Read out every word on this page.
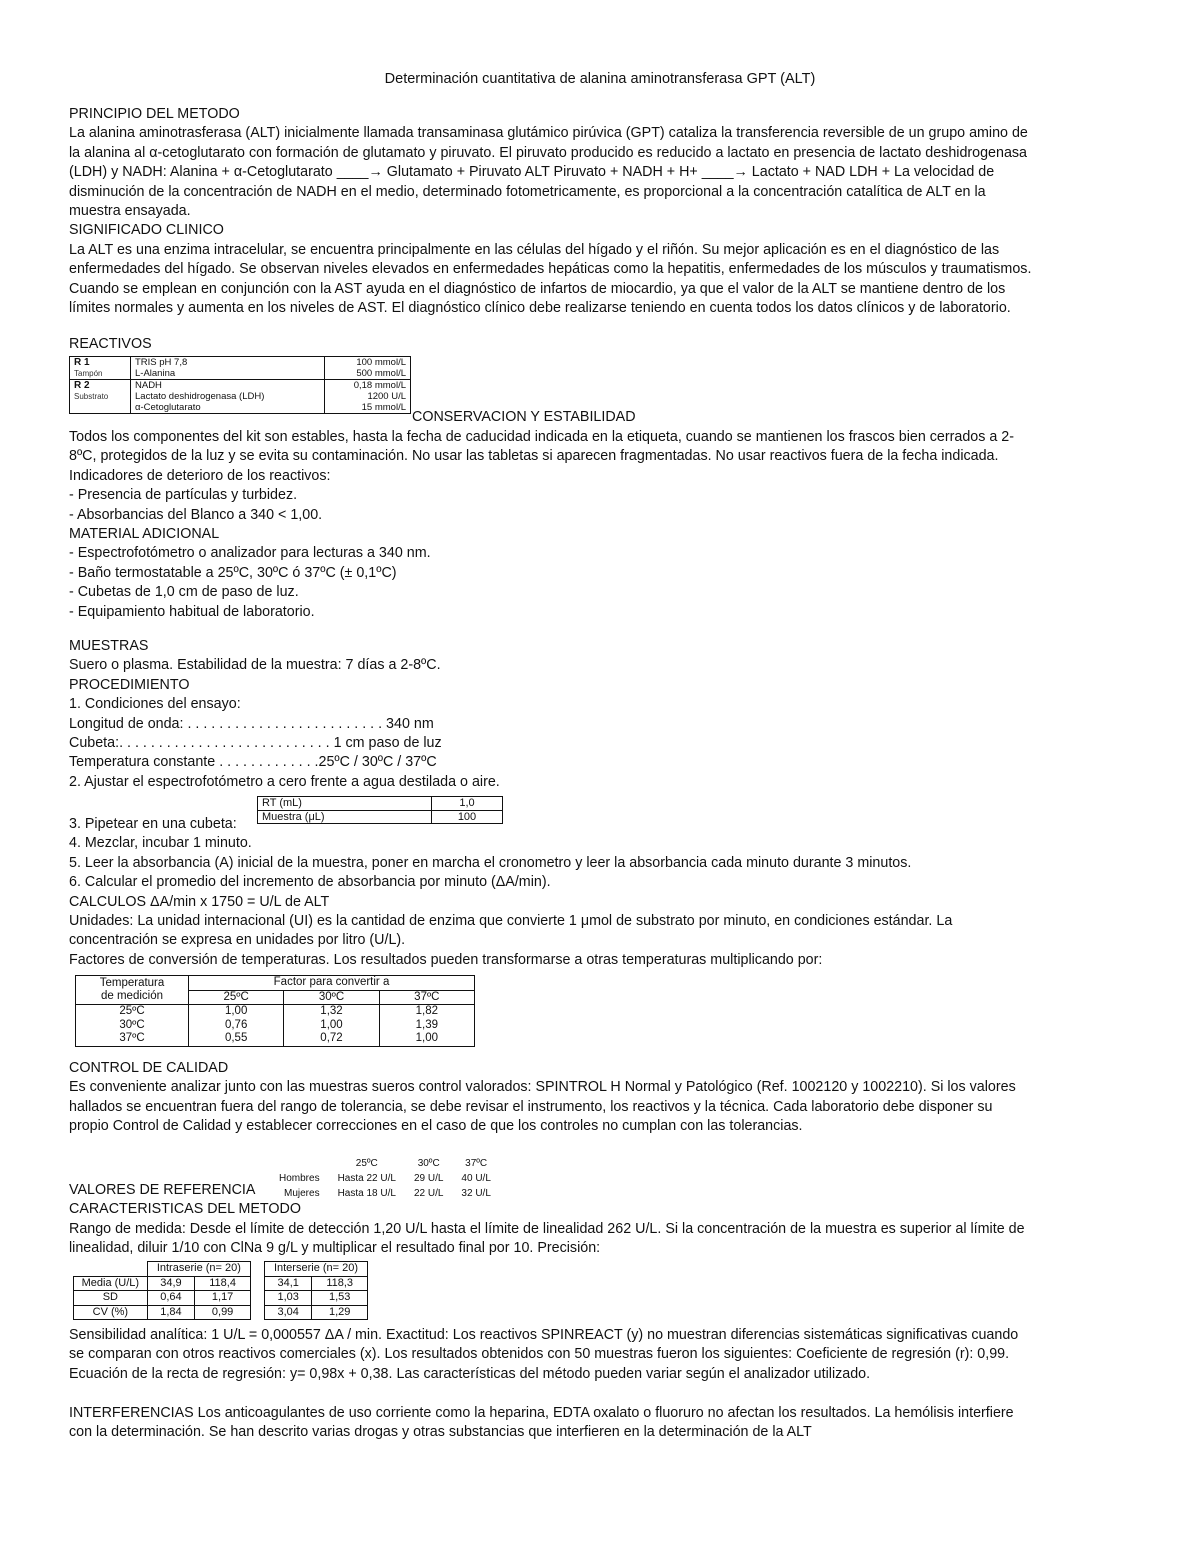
Determinación cuantitativa de alanina aminotransferasa GPT (ALT)
PRINCIPIO DEL METODO
La alanina aminotrasferasa (ALT) inicialmente llamada transaminasa glutámico pirúvica (GPT) cataliza la transferencia reversible de un grupo amino de
la alanina al α-cetoglutarato con formación de glutamato y piruvato. El piruvato producido es reducido a lactato en presencia de lactato deshidrogenasa
(LDH) y NADH: Alanina + α-Cetoglutarato ____→ Glutamato + Piruvato ALT Piruvato + NADH + H+ ____→ Lactato + NAD LDH + La velocidad de
disminución de la concentración de NADH en el medio, determinado fotometricamente, es proporcional a la concentración catalítica de ALT en la
muestra ensayada.
SIGNIFICADO CLINICO
La ALT es una enzima intracelular, se encuentra principalmente en las células del hígado y el riñón. Su mejor aplicación es en el diagnóstico de las
enfermedades del hígado. Se observan niveles elevados en enfermedades hepáticas como la hepatitis, enfermedades de los músculos y traumatismos.
Cuando se emplean en conjunción con la AST ayuda en el diagnóstico de infartos de miocardio, ya que el valor de la ALT se mantiene dentro de los
límites normales y aumenta en los niveles de AST. El diagnóstico clínico debe realizarse teniendo en cuenta todos los datos clínicos y de laboratorio.
REACTIVOS
R 1
Tampón	TRIS pH 7,8	100 mmol/L
	L-Alanina	500 mmol/L
R 2
Substrato	NADH	0,18 mmol/L
	Lactato deshidrogenasa (LDH)	1200 U/L
	α-Cetoglutarato	15 mmol/L
CONSERVACION Y ESTABILIDAD
Todos los componentes del kit son estables, hasta la fecha de caducidad indicada en la etiqueta, cuando se mantienen los frascos bien cerrados a 2-
8ºC, protegidos de la luz y se evita su contaminación. No usar las tabletas si aparecen fragmentadas. No usar reactivos fuera de la fecha indicada.
Indicadores de deterioro de los reactivos:
- Presencia de partículas y turbidez.
- Absorbancias del Blanco a 340 < 1,00.
MATERIAL ADICIONAL
- Espectrofotómetro o analizador para lecturas a 340 nm.
- Baño termostatable a 25ºC, 30ºC ó 37ºC (± 0,1ºC)
- Cubetas de 1,0 cm de paso de luz.
- Equipamiento habitual de laboratorio.
MUESTRAS
Suero o plasma. Estabilidad de la muestra: 7 días a 2-8ºC.
PROCEDIMIENTO
1. Condiciones del ensayo:
Longitud de onda: . . . . . . . . . . . . . . . . . . . . . . . . . 340 nm
Cubeta:. . . . . . . . . . . . . . . . . . . . . . . . . . . 1 cm paso de luz
Temperatura constante . . . . . . . . . . . . .25ºC / 30ºC / 37ºC
2. Ajustar el espectrofotómetro a cero frente a agua destilada o aire.
RT (mL)	1,0
Muestra (μL)	100
3. Pipetear en una cubeta:
4. Mezclar, incubar 1 minuto.
5. Leer la absorbancia (A) inicial de la muestra, poner en marcha el cronometro y leer la absorbancia cada minuto durante 3 minutos.
6. Calcular el promedio del incremento de absorbancia por minuto (ΔA/min).
CALCULOS ΔA/min x 1750 = U/L de ALT
Unidades: La unidad internacional (UI) es la cantidad de enzima que convierte 1 μmol de substrato por minuto, en condiciones estándar. La
concentración se expresa en unidades por litro (U/L).
Factores de conversión de temperaturas. Los resultados pueden transformarse a otras temperaturas multiplicando por:
Temperatura
de medición	Factor para convertir a		
	25ºC	30ºC	37ºC
25ºC	1,00	1,32	1,82
30ºC	0,76	1,00	1,39
37ºC	0,55	0,72	1,00
CONTROL DE CALIDAD
Es conveniente analizar junto con las muestras sueros control valorados: SPINTROL H Normal y Patológico (Ref. 1002120 y 1002210). Si los valores
hallados se encuentran fuera del rango de tolerancia, se debe revisar el instrumento, los reactivos y la técnica. Cada laboratorio debe disponer su
propio Control de Calidad y establecer correcciones en el caso de que los controles no cumplan con las tolerancias.
	25ºC	30ºC	37ºC
Hombres	Hasta 22 U/L	29 U/L	40 U/L
Mujeres	Hasta 18 U/L	22 U/L	32 U/L
VALORES DE REFERENCIA
CARACTERISTICAS DEL METODO
Rango de medida: Desde el límite de detección 1,20 U/L hasta el límite de linealidad 262 U/L. Si la concentración de la muestra es superior al límite de
linealidad, diluir 1/10 con ClNa 9 g/L y multiplicar el resultado final por 10. Precisión:
	Intraserie (n= 20)	
Media (U/L)	34,9	118,4
SD	0,64	1,17
CV (%)	1,84	0,99
Interserie (n= 20)	
34,1	118,3
1,03	1,53
3,04	1,29
Sensibilidad analítica: 1 U/L = 0,000557 ΔA / min. Exactitud: Los reactivos SPINREACT (y) no muestran diferencias sistemáticas significativas cuando
se comparan con otros reactivos comerciales (x). Los resultados obtenidos con 50 muestras fueron los siguientes: Coeficiente de regresión (r): 0,99.
Ecuación de la recta de regresión: y= 0,98x + 0,38. Las características del método pueden variar según el analizador utilizado.
INTERFERENCIAS Los anticoagulantes de uso corriente como la heparina, EDTA oxalato o fluoruro no afectan los resultados. La hemólisis interfiere
con la determinación. Se han descrito varias drogas y otras substancias que interfieren en la determinación de la ALT
